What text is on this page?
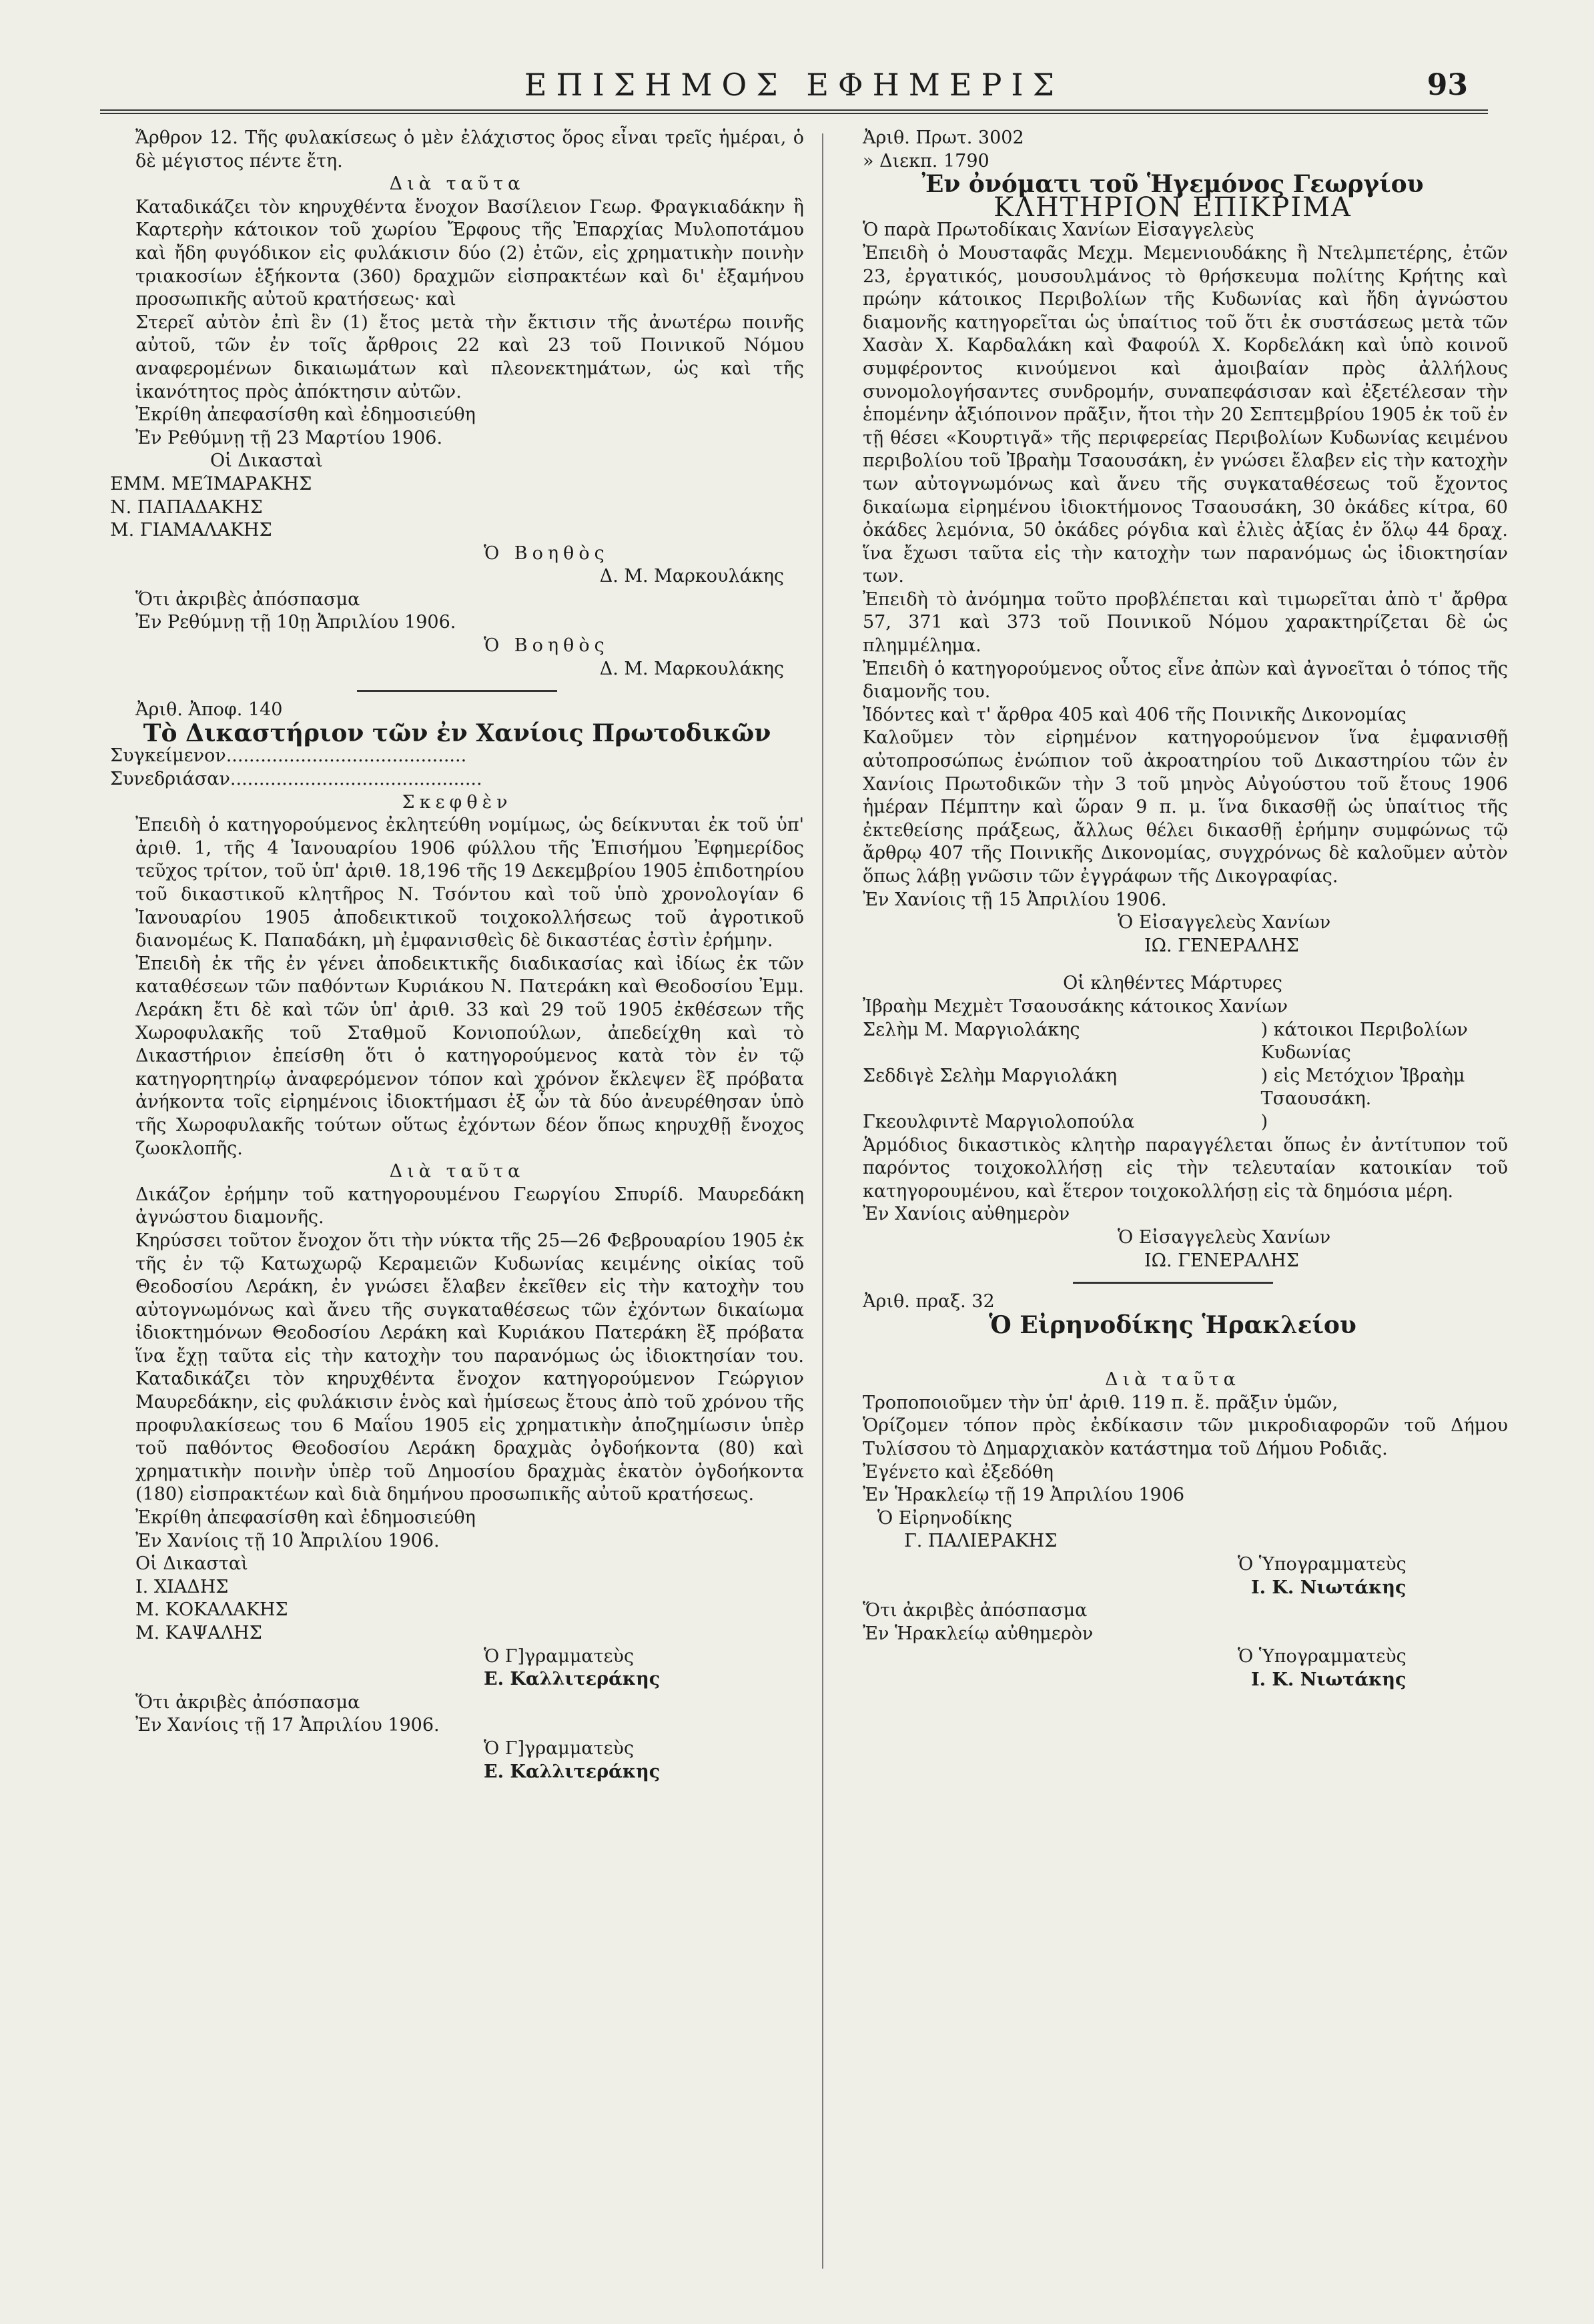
ΕΠΙΣΗΜΟΣ ΕΦΗΜΕΡΙΣ	93

Ἄρθρον 12. Τῆς φυλακίσεως ὁ μὲν ἐλάχιστος ὅρος εἶναι τρεῖς ἡμέραι, ὁ δὲ μέγιστος πέντε ἔτη.

Διὰ ταῦτα

Καταδικάζει τὸν κηρυχθέντα ἔνοχον Βασίλειον Γεωρ. Φραγκιαδάκην ἢ Καρτερὴν κάτοικον τοῦ χωρίου Ἔρφους τῆς Ἐπαρχίας Μυλοποτάμου καὶ ἤδη φυγόδικον εἰς φυλάκισιν δύο (2) ἐτῶν, εἰς χρηματικὴν ποινὴν τριακοσίων ἑξήκοντα (360) δραχμῶν εἰσπρακτέων καὶ δι' ἐξαμήνου προσωπικῆς αὐτοῦ κρατήσεως· καὶ

Στερεῖ αὐτὸν ἐπὶ ἓν (1) ἔτος μετὰ τὴν ἔκτισιν τῆς ἀνωτέρω ποινῆς αὐτοῦ, τῶν ἐν τοῖς ἄρθροις 22 καὶ 23 τοῦ Ποινικοῦ Νόμου αναφερομένων δικαιωμάτων καὶ πλεονεκτημάτων, ὡς καὶ τῆς ἱκανότητος πρὸς ἀπόκτησιν αὐτῶν.

Ἐκρίθη ἀπεφασίσθη καὶ ἐδημοσιεύθη

Ἐν Ρεθύμνῃ τῇ 23 Μαρτίου 1906.

Οἱ Δικασταὶ

ΕΜΜ. ΜΕΊΜΑΡΑΚΗΣ

Ν. ΠΑΠΑΔΑΚΗΣ

Μ. ΓΙΑΜΑΛΑΚΗΣ

Ὁ Βοηθὸς

Δ. Μ. Μαρκουλάκης

Ὅτι ἀκριβὲς ἀπόσπασμα

Ἐν Ρεθύμνῃ τῇ 10ῃ Ἀπριλίου 1906.

Ὁ Βοηθὸς

Δ. Μ. Μαρκουλάκης

Ἀριθ. Ἀποφ. 140

Τὸ Δικαστήριον τῶν ἐν Χανίοις Πρωτοδικῶν

Συγκείμενον..........................................

Συνεδριάσαν............................................

Σκεφθὲν

Ἐπειδὴ ὁ κατηγορούμενος ἐκλητεύθη νομίμως, ὡς δείκνυται ἐκ τοῦ ὑπ' ἀριθ. 1, τῆς 4 Ἰανουαρίου 1906 φύλλου τῆς Ἐπισήμου Ἐφημερίδος τεῦχος τρίτον, τοῦ ὑπ' ἀριθ. 18,196 τῆς 19 Δεκεμβρίου 1905 ἐπιδοτηρίου τοῦ δικαστικοῦ κλητῆρος Ν. Τσόντου καὶ τοῦ ὑπὸ χρονολογίαν 6 Ἰανουαρίου 1905 ἀποδεικτικοῦ τοιχοκολλήσεως τοῦ ἀγροτικοῦ διανομέως Κ. Παπαδάκη, μὴ ἐμφανισθεὶς δὲ δικαστέας ἐστὶν ἐρήμην.

Ἐπειδὴ ἐκ τῆς ἐν γένει ἀποδεικτικῆς διαδικασίας καὶ ἰδίως ἐκ τῶν καταθέσεων τῶν παθόντων Κυριάκου Ν. Πατεράκη καὶ Θεοδοσίου Ἐμμ. Λεράκη ἔτι δὲ καὶ τῶν ὑπ' ἀριθ. 33 καὶ 29 τοῦ 1905 ἐκθέσεων τῆς Χωροφυλακῆς τοῦ Σταθμοῦ Κονιοπούλων, ἀπεδείχθη καὶ τὸ Δικαστήριον ἐπείσθη ὅτι ὁ κατηγορούμενος κατὰ τὸν ἐν τῷ κατηγορητηρίῳ ἀναφερόμενον τόπον καὶ χρόνον ἔκλεψεν ἓξ πρόβατα ἀνήκοντα τοῖς εἰρημένοις ἰδιοκτήμασι ἐξ ὧν τὰ δύο ἀνευρέθησαν ὑπὸ τῆς Χωροφυλακῆς τούτων οὕτως ἐχόντων δέον ὅπως κηρυχθῇ ἔνοχος ζωοκλοπῆς.

Διὰ ταῦτα

Δικάζον ἐρήμην τοῦ κατηγορουμένου Γεωργίου Σπυρίδ. Μαυρεδάκη ἀγνώστου διαμονῆς.

Κηρύσσει τοῦτον ἔνοχον ὅτι τὴν νύκτα τῆς 25—26 Φεβρουαρίου 1905 ἐκ τῆς ἐν τῷ Κατωχωρῷ Κεραμειῶν Κυδωνίας κειμένης οἰκίας τοῦ Θεοδοσίου Λεράκη, ἐν γνώσει ἔλαβεν ἐκεῖθεν εἰς τὴν κατοχὴν του αὐτογνωμόνως καὶ ἄνευ τῆς συγκαταθέσεως τῶν ἐχόντων δικαίωμα ἰδιοκτημόνων Θεοδοσίου Λεράκη καὶ Κυριάκου Πατεράκη ἓξ πρόβατα ἵνα ἔχῃ ταῦτα εἰς τὴν κατοχὴν του παρανόμως ὡς ἰδιοκτησίαν του. Καταδικάζει τὸν κηρυχθέντα ἔνοχον κατηγορούμενον Γεώργιον Μαυρεδάκην, εἰς φυλάκισιν ἑνὸς καὶ ἡμίσεως ἔτους ἀπὸ τοῦ χρόνου τῆς προφυλακίσεως του 6 Μαΐου 1905 εἰς χρηματικὴν ἀποζημίωσιν ὑπὲρ τοῦ παθόντος Θεοδοσίου Λεράκη δραχμὰς ὀγδοήκοντα (80) καὶ χρηματικὴν ποινὴν ὑπὲρ τοῦ Δημοσίου δραχμὰς ἑκατὸν ὀγδοήκοντα (180) εἰσπρακτέων καὶ διὰ δημήνου προσωπικῆς αὐτοῦ κρατήσεως.

Ἐκρίθη ἀπεφασίσθη καὶ ἐδημοσιεύθη

Ἐν Χανίοις τῇ 10 Ἀπριλίου 1906.

Οἱ Δικασταὶ

Ι. ΧΙΑΔΗΣ

Μ. ΚΟΚΑΛΑΚΗΣ

Μ. ΚΑΨΑΛΗΣ

Ὁ Γ]γραμματεὺς

Ε. Καλλιτεράκης

Ὅτι ἀκριβὲς ἀπόσπασμα

Ἐν Χανίοις τῇ 17 Ἀπριλίου 1906.

Ὁ Γ]γραμματεὺς

Ε. Καλλιτεράκης

Ἀριθ. Πρωτ. 3002

» Διεκπ. 1790

Ἐν ὀνόματι τοῦ Ἡγεμόνος Γεωργίου

ΚΛΗΤΗΡΙΟΝ ΕΠΙΚΡΙΜΑ

Ὁ παρὰ Πρωτοδίκαις Χανίων Εἰσαγγελεὺς

Ἐπειδὴ ὁ Μουσταφᾶς Μεχμ. Μεμενιουδάκης ἢ Ντελμπετέρης, ἐτῶν 23, ἐργατικός, μουσουλμάνος τὸ θρήσκευμα πολίτης Κρήτης καὶ πρώην κάτοικος Περιβολίων τῆς Κυδωνίας καὶ ἤδη ἀγνώστου διαμονῆς κατηγορεῖται ὡς ὑπαίτιος τοῦ ὅτι ἐκ συστάσεως μετὰ τῶν Χασὰν Χ. Καρδαλάκη καὶ Φαφούλ Χ. Κορδελάκη καὶ ὑπὸ κοινοῦ συμφέροντος κινούμενοι καὶ ἀμοιβαίαν πρὸς ἀλλήλους συνομολογήσαντες συνδρομήν, συναπεφάσισαν καὶ ἐξετέλεσαν τὴν ἑπομένην ἀξιόποινον πρᾶξιν, ἤτοι τὴν 20 Σεπτεμβρίου 1905 ἐκ τοῦ ἐν τῇ θέσει «Κουρτιγᾶ» τῆς περιφερείας Περιβολίων Κυδωνίας κειμένου περιβολίου τοῦ Ἰβραὴμ Τσαουσάκη, ἐν γνώσει ἔλαβεν εἰς τὴν κατοχὴν των αὐτογνωμόνως καὶ ἄνευ τῆς συγκαταθέσεως τοῦ ἔχοντος δικαίωμα εἰρημένου ἰδιοκτήμονος Τσαουσάκη, 30 ὀκάδες κίτρα, 60 ὀκάδες λεμόνια, 50 ὀκάδες ρόγδια καὶ ἐλιὲς ἀξίας ἐν ὅλῳ 44 δραχ. ἵνα ἔχωσι ταῦτα εἰς τὴν κατοχὴν των παρανόμως ὡς ἰδιοκτησίαν των.

Ἐπειδὴ τὸ ἀνόμημα τοῦτο προβλέπεται καὶ τιμωρεῖται ἀπὸ τ' ἄρθρα 57, 371 καὶ 373 τοῦ Ποινικοῦ Νόμου χαρακτηρίζεται δὲ ὡς πλημμέλημα.

Ἐπειδὴ ὁ κατηγορούμενος οὗτος εἶνε ἀπὼν καὶ ἀγνοεῖται ὁ τόπος τῆς διαμονῆς του.

Ἰδόντες καὶ τ' ἄρθρα 405 καὶ 406 τῆς Ποινικῆς Δικονομίας

Καλοῦμεν τὸν εἰρημένον κατηγορούμενον ἵνα ἐμφανισθῇ αὐτοπροσώπως ἐνώπιον τοῦ ἀκροατηρίου τοῦ Δικαστηρίου τῶν ἐν Χανίοις Πρωτοδικῶν τὴν 3 τοῦ μηνὸς Αὐγούστου τοῦ ἔτους 1906 ἡμέραν Πέμπτην καὶ ὥραν 9 π. μ. ἵνα δικασθῇ ὡς ὑπαίτιος τῆς ἐκτεθείσης πράξεως, ἄλλως θέλει δικασθῇ ἐρήμην συμφώνως τῷ ἄρθρῳ 407 τῆς Ποινικῆς Δικονομίας, συγχρόνως δὲ καλοῦμεν αὐτὸν ὅπως λάβῃ γνῶσιν τῶν ἐγγράφων τῆς Δικογραφίας.

Ἐν Χανίοις τῇ 15 Ἀπριλίου 1906.

Ὁ Εἰσαγγελεὺς Χανίων

ΙΩ. ΓΕΝΕΡΑΛΗΣ

Οἱ κληθέντες Μάρτυρες

Ἰβραὴμ Μεχμὲτ Τσαουσάκης κάτοικος Χανίων

Σελὴμ Μ. Μαργιολάκης	) κάτοικοι Περιβολίων Κυδωνίας
Σεδδιγὲ Σελὴμ Μαργιολάκη	) εἰς Μετόχιον Ἰβραὴμ Τσαουσάκη.
Γκεουλφιντὲ Μαργιολοπούλα	)

Ἁρμόδιος δικαστικὸς κλητὴρ παραγγέλεται ὅπως ἐν ἀντίτυπον τοῦ παρόντος τοιχοκολλήσῃ εἰς τὴν τελευταίαν κατοικίαν τοῦ κατηγορουμένου, καὶ ἕτερον τοιχοκολλήσῃ εἰς τὰ δημόσια μέρη.

Ἐν Χανίοις αὐθημερὸν

Ὁ Εἰσαγγελεὺς Χανίων

ΙΩ. ΓΕΝΕΡΑΛΗΣ

Ἀριθ. πραξ. 32

Ὁ Εἰρηνοδίκης Ἡρακλείου

Διὰ ταῦτα

Τροποποιοῦμεν τὴν ὑπ' ἀριθ. 119 π. ἔ. πρᾶξιν ὑμῶν,

Ὁρίζομεν τόπον πρὸς ἐκδίκασιν τῶν μικροδιαφορῶν τοῦ Δήμου Τυλίσσου τὸ Δημαρχιακὸν κατάστημα τοῦ Δήμου Ροδιᾶς.

Ἐγένετο καὶ ἐξεδόθη

Ἐν Ἡρακλείῳ τῇ 19 Ἀπριλίου 1906

Ὁ Εἰρηνοδίκης

Γ. ΠΑΛΙΕΡΑΚΗΣ

Ὁ Ὑπογραμματεὺς

Ι. Κ. Νιωτάκης

Ὅτι ἀκριβὲς ἀπόσπασμα

Ἐν Ἡρακλείῳ αὐθημερὸν

Ὁ Ὑπογραμματεὺς

Ι. Κ. Νιωτάκης
